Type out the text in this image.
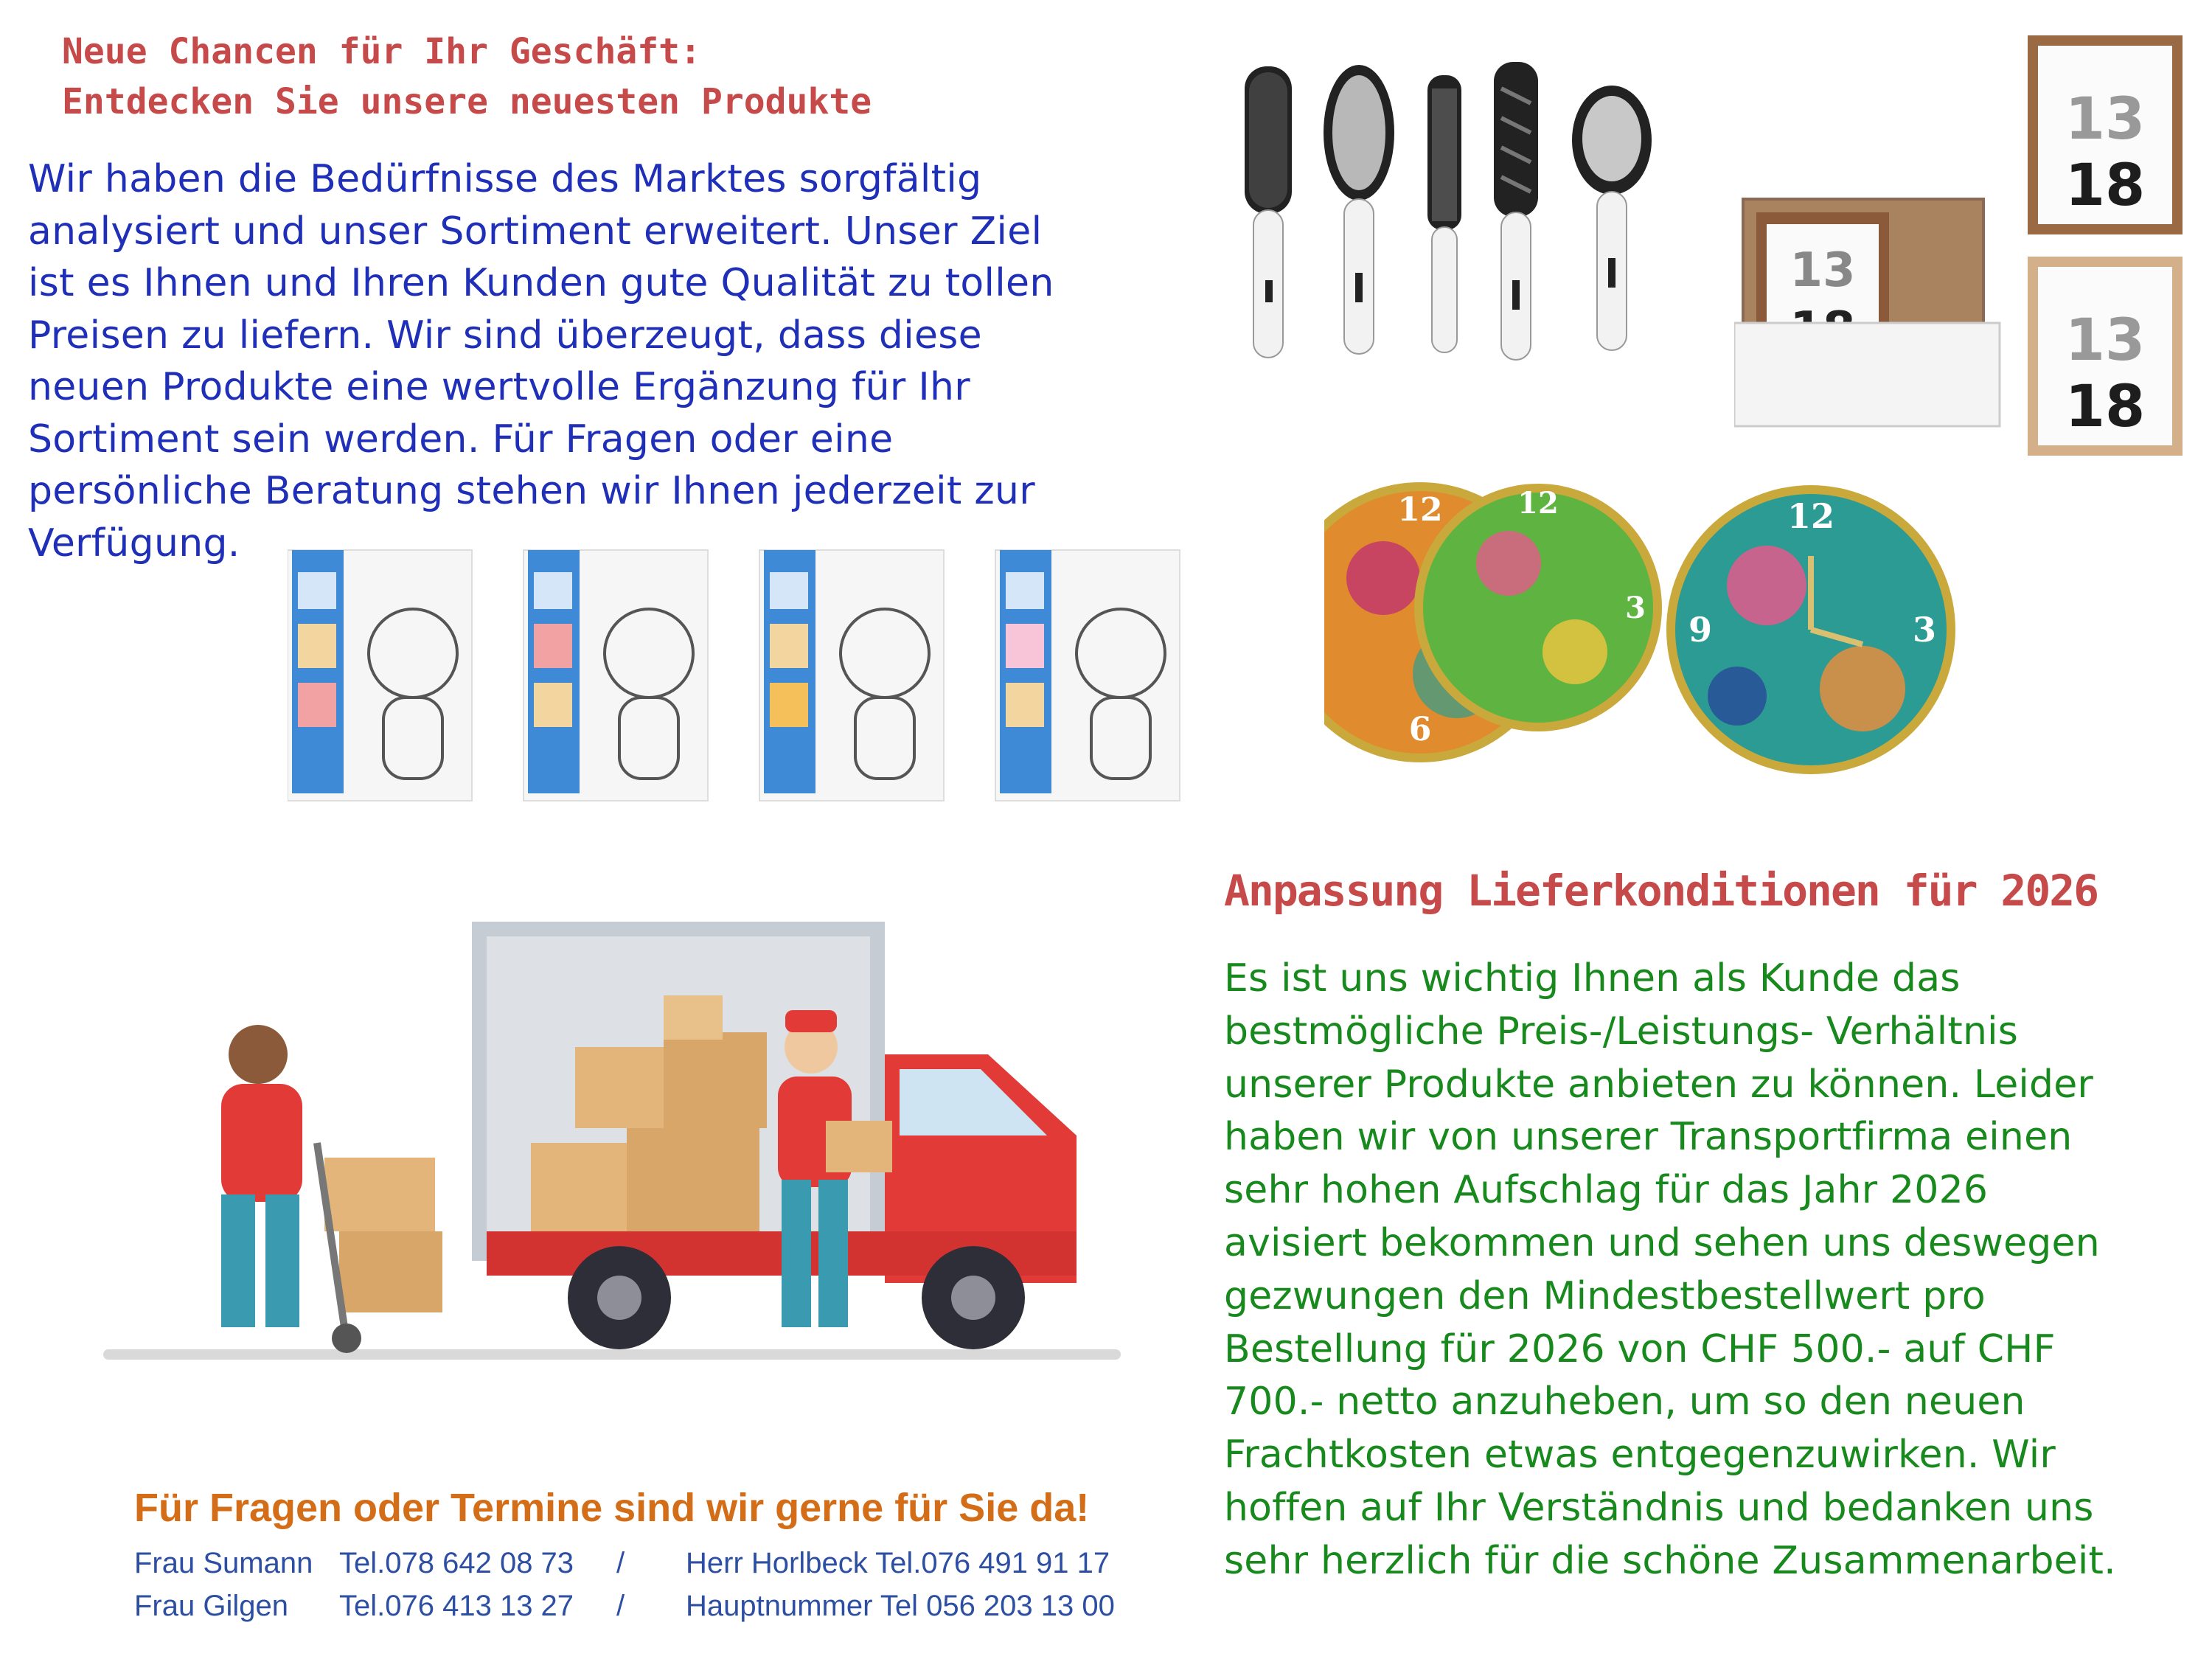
Neue Chancen für Ihr Geschäft:
Entdecken Sie unsere neuesten Produkte
Wir haben die Bedürfnisse des Marktes sorgfältig
analysiert und unser Sortiment erweitert. Unser Ziel
ist es Ihnen und Ihren Kunden gute Qualität zu tollen
Preisen zu liefern. Wir sind überzeugt, dass diese
neuen Produkte eine wertvolle Ergänzung für Ihr
Sortiment sein werden. Für Fragen oder eine
persönliche Beratung stehen wir Ihnen jederzeit zur
Verfügung.
13
13
18
13
18
12
6
12
3
12
3
9
Anpassung Lieferkonditionen für 2026
Es ist uns wichtig Ihnen als Kunde das
bestmögliche Preis-/Leistungs- Verhältnis
unserer Produkte anbieten zu können. Leider
haben wir von unserer Transportfirma einen
sehr hohen Aufschlag für das Jahr 2026
avisiert bekommen und sehen uns deswegen
gezwungen den Mindestbestellwert pro
Bestellung für 2026 von CHF 500.- auf CHF
700.- netto anzuheben, um so den neuen
Frachtkosten etwas entgegenzuwirken. Wir
hoffen auf Ihr Verständnis und bedanken uns
sehr herzlich für die schöne Zusammenarbeit.
Für Fragen oder Termine sind wir gerne für Sie da!
Frau Sumann Tel.078 642 08 73 / Herr Horlbeck Tel.076 491 91 17
Frau Gilgen Tel.076 413 13 27 / Hauptnummer Tel 056 203 13 00
